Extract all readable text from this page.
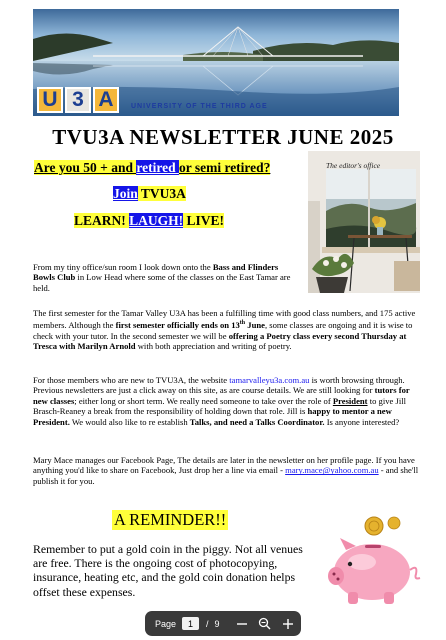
U 3 A	UNIVERSITY OF THE THIRD AGE
TVU3A NEWSLETTER JUNE 2025
Are you 50 + and retired or semi retired?
Join TVU3A
LEARN! LAUGH! LIVE!
The editor's office

From my tiny office/sun room I look down onto the Bass and Flinders Bowls Club in Low Head where some of the classes on the East Tamar are held.

The first semester for the Tamar Valley U3A has been a fulfilling time with good class numbers, and 175 active members. Although the first semester officially ends on 13th June, some classes are ongoing and it is wise to check with your tutor. In the second semester we will be offering a Poetry class every second Thursday at Tresca with Marilyn Arnold with both appreciation and writing of poetry.

For those members who are new to TVU3A, the website tamarvalleyu3a.com.au is worth browsing through. Previous newsletters are just a click away on this site, as are course details. We are still looking for tutors for new classes; either long or short term. We really need someone to take over the role of President to give Jill Brasch-Reaney a break from the responsibility of holding down that role. Jill is happy to mentor a new President. We would also like to re establish Talks, and need a Talks Coordinator. Is anyone interested?

Mary Mace manages our Facebook Page, The details are later in the newsletter on her profile page. If you have anything you'd like to share on Facebook, Just drop her a line via email - mary.mace@yahoo.com.au - and she'll publish it for you.

A REMINDER!!

Remember to put a gold coin in the piggy. Not all venues are free. There is the ongoing cost of photocopying, insurance, heating etc, and the gold coin donation helps offset these expenses.

Page	1	/ 9
